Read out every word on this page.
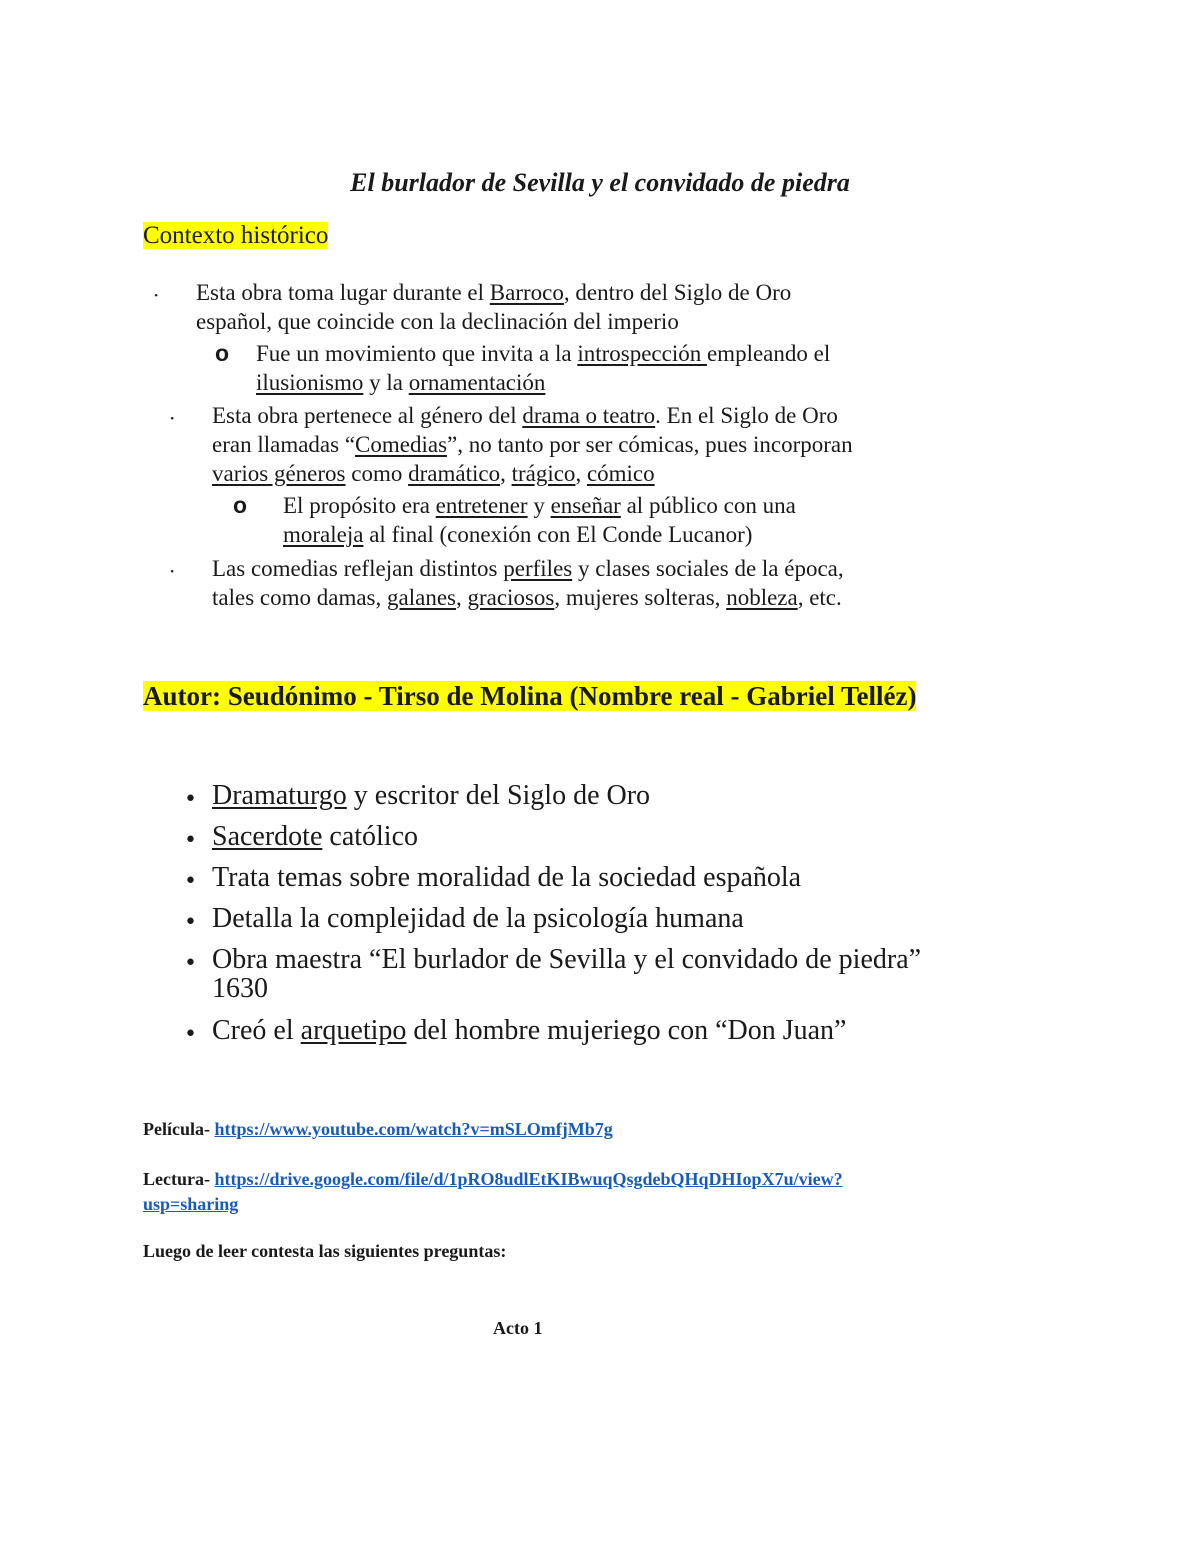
El burlador de Sevilla y el convidado de piedra
Contexto histórico
· Esta obra toma lugar durante el Barroco, dentro del Siglo de Oro
español, que coincide con la declinación del imperio
o Fue un movimiento que invita a la introspección empleando el
ilusionismo y la ornamentación
· Esta obra pertenece al género del drama o teatro. En el Siglo de Oro
eran llamadas “Comedias”, no tanto por ser cómicas, pues incorporan
varios géneros como dramático, trágico, cómico
o El propósito era entretener y enseñar al público con una
moraleja al final (conexión con El Conde Lucanor)
· Las comedias reflejan distintos perfiles y clases sociales de la época,
tales como damas, galanes, graciosos, mujeres solteras, nobleza, etc.
Autor: Seudónimo - Tirso de Molina (Nombre real - Gabriel Telléz)
• Dramaturgo y escritor del Siglo de Oro
• Sacerdote católico
• Trata temas sobre moralidad de la sociedad española
• Detalla la complejidad de la psicología humana
• Obra maestra “El burlador de Sevilla y el convidado de piedra”
1630
• Creó el arquetipo del hombre mujeriego con “Don Juan”
Película- https://www.youtube.com/watch?v=mSLOmfjMb7g
Lectura- https://drive.google.com/file/d/1pRO8udlEtKIBwuqQsgdebQHqDHIopX7u/view?
usp=sharing
Luego de leer contesta las siguientes preguntas:
Acto 1
